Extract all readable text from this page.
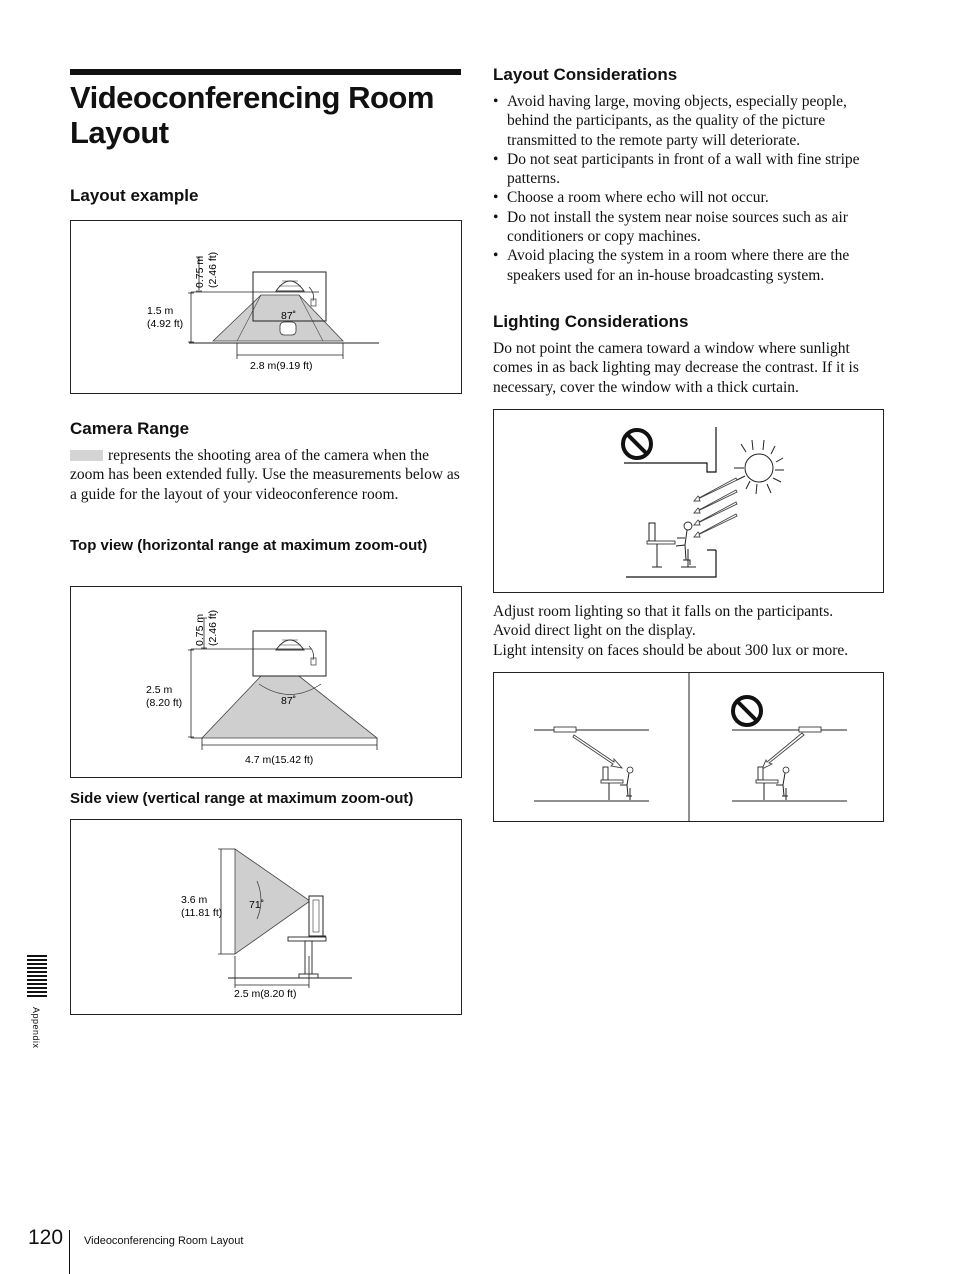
Videoconferencing Room Layout
Layout example
0.75 m (2.46 ft)
1.5 m
(4.92 ft)
87˚
2.8 m(9.19 ft)
Camera Range
represents the shooting area of the camera when the zoom has been extended fully. Use the measurements below as a guide for the layout of your videoconference room.
Top view (horizontal range at maximum zoom-out)
0.75 m (2.46 ft)
2.5 m
(8.20 ft)	87˚
4.7 m(15.42 ft)
Side view (vertical range at maximum zoom-out)
3.6 m
(11.81 ft)
71˚
2.5 m(8.20 ft)
Layout Considerations
• Avoid having large, moving objects, especially people, behind the participants, as the quality of the picture transmitted to the remote party will deteriorate.
• Do not seat participants in front of a wall with fine stripe patterns.
• Choose a room where echo will not occur.
• Do not install the system near noise sources such as air conditioners or copy machines.
• Avoid placing the system in a room where there are the speakers used for an in-house broadcasting system.
Lighting Considerations
Do not point the camera toward a window where sunlight comes in as back lighting may decrease the contrast. If it is necessary, cover the window with a thick curtain.
Adjust room lighting so that it falls on the participants.
Avoid direct light on the display.
Light intensity on faces should be about 300 lux or more.
Appendix
120 Videoconferencing Room Layout
